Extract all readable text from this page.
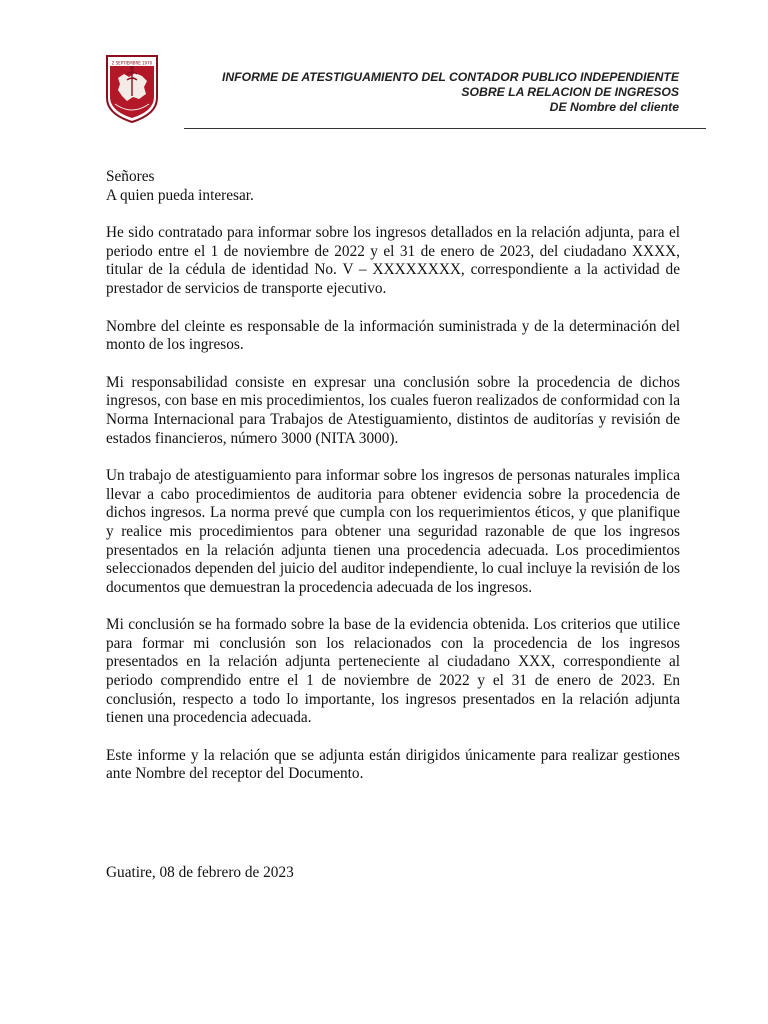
2 SEPTIEMBRE 1970
INFORME DE ATESTIGUAMIENTO DEL CONTADOR PUBLICO INDEPENDIENTE
SOBRE LA RELACION DE INGRESOS
DE Nombre del cliente

Señores

A quien pueda interesar.

He sido contratado para informar sobre los ingresos detallados en la relación adjunta, para el periodo entre el 1 de noviembre de 2022 y el 31 de enero de 2023, del ciudadano XXXX, titular de la cédula de identidad No. V – XXXXXXXX, correspondiente a la actividad de prestador de servicios de transporte ejecutivo.

Nombre del cleinte es responsable de la información suministrada y de la determinación del monto de los ingresos.

Mi responsabilidad consiste en expresar una conclusión sobre la procedencia de dichos ingresos, con base en mis procedimientos, los cuales fueron realizados de conformidad con la Norma Internacional para Trabajos de Atestiguamiento, distintos de auditorías y revisión de estados financieros, número 3000 (NITA 3000).

Un trabajo de atestiguamiento para informar sobre los ingresos de personas naturales implica llevar a cabo procedimientos de auditoria para obtener evidencia sobre la procedencia de dichos ingresos. La norma prevé que cumpla con los requerimientos éticos, y que planifique y realice mis procedimientos para obtener una seguridad razonable de que los ingresos presentados en la relación adjunta tienen una procedencia adecuada. Los procedimientos seleccionados dependen del juicio del auditor independiente, lo cual incluye la revisión de los documentos que demuestran la procedencia adecuada de los ingresos.

Mi conclusión se ha formado sobre la base de la evidencia obtenida. Los criterios que utilice para formar mi conclusión son los relacionados con la procedencia de los ingresos presentados en la relación adjunta perteneciente al ciudadano XXX, correspondiente al periodo comprendido entre el 1 de noviembre de 2022 y el 31 de enero de 2023. En conclusión, respecto a todo lo importante, los ingresos presentados en la relación adjunta tienen una procedencia adecuada.

Este informe y la relación que se adjunta están dirigidos únicamente para realizar gestiones ante Nombre del receptor del Documento.

Guatire, 08 de febrero de 2023
